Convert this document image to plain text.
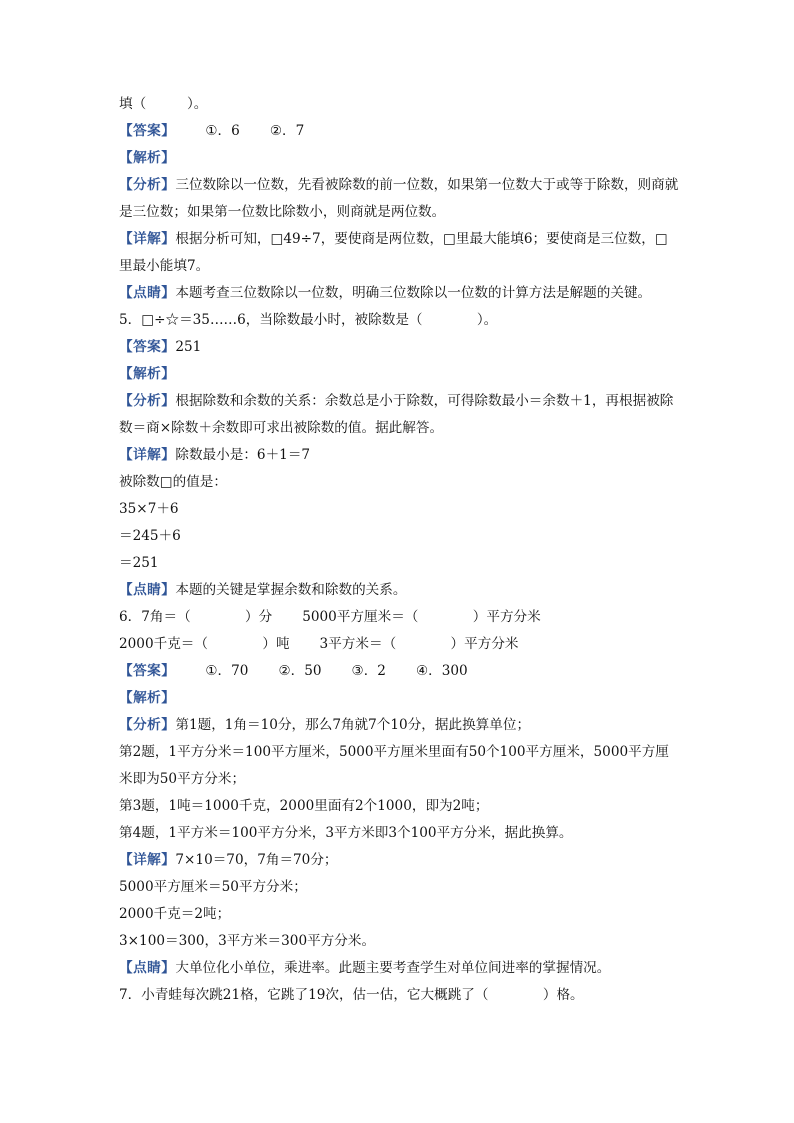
填（　　　）。
【答案】 ①．6 ②．7
【解析】
【分析】三位数除以一位数，先看被除数的前一位数，如果第一位数大于或等于除数，则商就是三位数；如果第一位数比除数小，则商就是两位数。
【详解】根据分析可知，□49÷7，要使商是两位数，□里最大能填6；要使商是三位数，□里最小能填7。
【点睛】本题考查三位数除以一位数，明确三位数除以一位数的计算方法是解题的关键。
5．□÷☆＝35……6，当除数最小时，被除数是（　　　　）。
【答案】251
【解析】
【分析】根据除数和余数的关系：余数总是小于除数，可得除数最小＝余数＋1，再根据被除数＝商×除数＋余数即可求出被除数的值。据此解答。
【详解】除数最小是：6＋1＝7
被除数□的值是：
35×7＋6
＝245＋6
＝251
【点睛】本题的关键是掌握余数和除数的关系。
6．7角＝（　　　　）分 5000平方厘米＝（　　　　）平方分米
2000千克＝（　　　　）吨 3平方米＝（　　　　）平方分米
【答案】 ①．70 ②．50 ③．2 ④．300
【解析】
【分析】第1题，1角＝10分，那么7角就7个10分，据此换算单位；
第2题，1平方分米＝100平方厘米，5000平方厘米里面有50个100平方厘米，5000平方厘米即为50平方分米；
第3题，1吨＝1000千克，2000里面有2个1000，即为2吨；
第4题，1平方米＝100平方分米，3平方米即3个100平方分米，据此换算。
【详解】7×10＝70，7角＝70分；
5000平方厘米＝50平方分米；
2000千克＝2吨；
3×100＝300，3平方米＝300平方分米。
【点睛】大单位化小单位，乘进率。此题主要考查学生对单位间进率的掌握情况。
7．小青蛙每次跳21格，它跳了19次，估一估，它大概跳了（　　　　）格。
